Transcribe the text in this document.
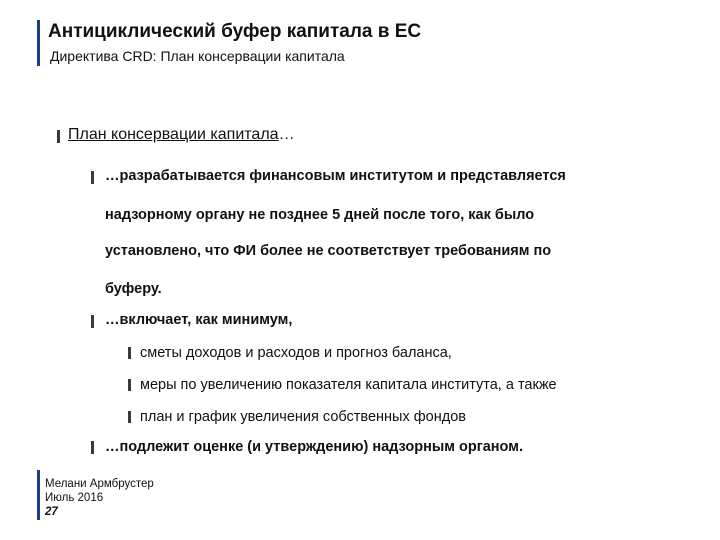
Антициклический буфер капитала в ЕС
Директива CRD: План консервации капитала
План консервации капитала…
…разрабатывается финансовым институтом и представляется
надзорному органу не позднее 5 дней после того, как было
установлено, что ФИ более не соответствует требованиям по
буферу.
…включает, как минимум,
сметы доходов и расходов и прогноз баланса,
меры по увеличению показателя капитала института, а также
план и график увеличения собственных фондов
…подлежит оценке (и утверждению) надзорным органом.
Мелани Армбрустер
Июль 2016
27
